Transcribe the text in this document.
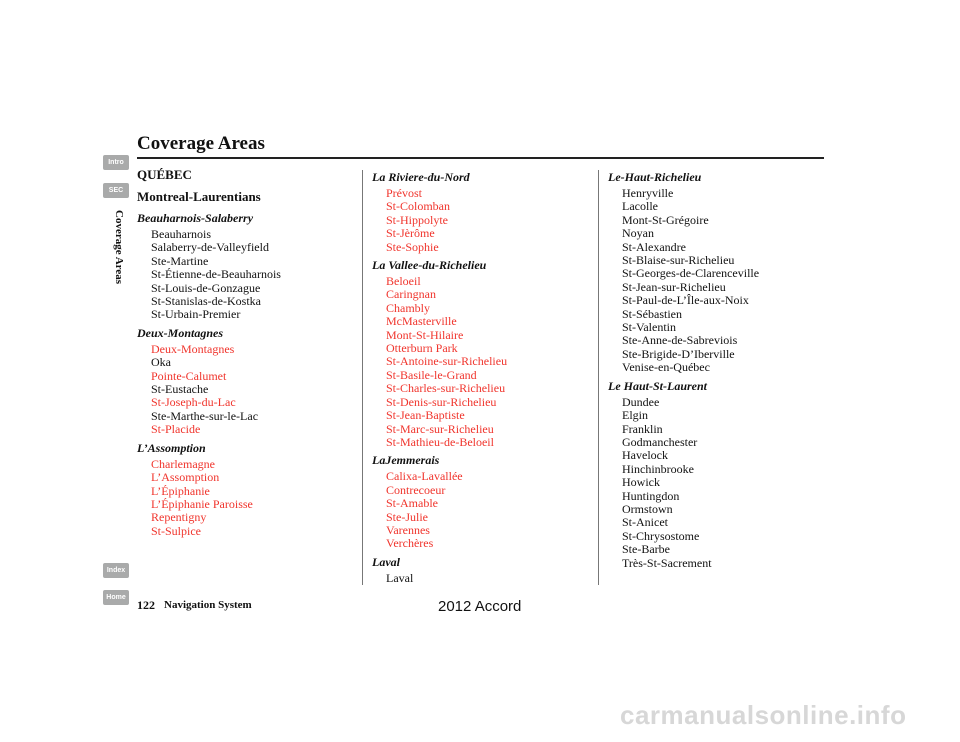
Coverage Areas
Intro
SEC
Coverage Areas
Index
Home
QUÉBEC
Montreal-Laurentians
Beauharnois-Salaberry
Beauharnois
Salaberry-de-Valleyfield
Ste-Martine
St-Étienne-de-Beauharnois
St-Louis-de-Gonzague
St-Stanislas-de-Kostka
St-Urbain-Premier
Deux-Montagnes
Deux-Montagnes
Oka
Pointe-Calumet
St-Eustache
St-Joseph-du-Lac
Ste-Marthe-sur-le-Lac
St-Placide
L’Assomption
Charlemagne
L’Assomption
L’Épiphanie
L’Épiphanie Paroisse
Repentigny
St-Sulpice
La Riviere-du-Nord
Prévost
St-Colomban
St-Hippolyte
St-Jèrôme
Ste-Sophie
La Vallee-du-Richelieu
Beloeil
Caringnan
Chambly
McMasterville
Mont-St-Hilaire
Otterburn Park
St-Antoine-sur-Richelieu
St-Basile-le-Grand
St-Charles-sur-Richelieu
St-Denis-sur-Richelieu
St-Jean-Baptiste
St-Marc-sur-Richelieu
St-Mathieu-de-Beloeil
LaJemmerais
Calixa-Lavallée
Contrecoeur
St-Amable
Ste-Julie
Varennes
Verchères
Laval
Laval
Le-Haut-Richelieu
Henryville
Lacolle
Mont-St-Grégoire
Noyan
St-Alexandre
St-Blaise-sur-Richelieu
St-Georges-de-Clarenceville
St-Jean-sur-Richelieu
St-Paul-de-L’Île-aux-Noix
St-Sébastien
St-Valentin
Ste-Anne-de-Sabreviois
Ste-Brigide-D’Iberville
Venise-en-Québec
Le Haut-St-Laurent
Dundee
Elgin
Franklin
Godmanchester
Havelock
Hinchinbrooke
Howick
Huntingdon
Ormstown
St-Anicet
St-Chrysostome
Ste-Barbe
Très-St-Sacrement
122 Navigation System	2012 Accord
carmanualsonline.info
